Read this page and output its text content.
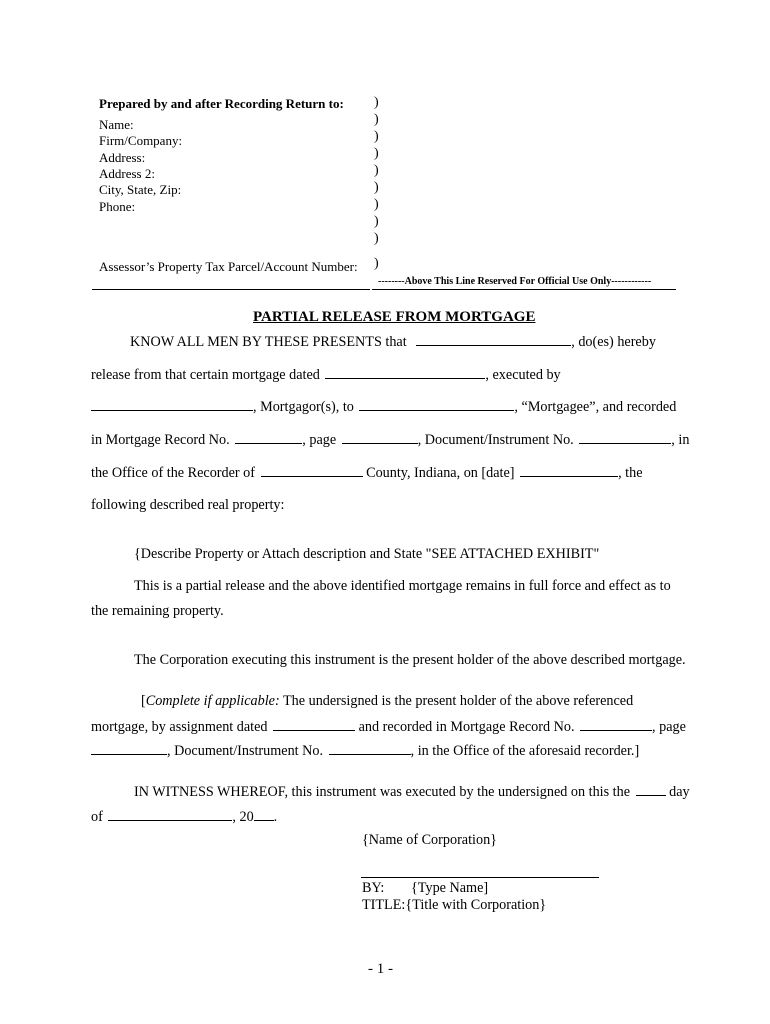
Prepared by and after Recording Return to:
Name:
Firm/Company:
Address:
Address 2:
City, State, Zip:
Phone:
Assessor’s Property Tax Parcel/Account Number:
)
)
)
)
)
)
)
)
)
)
--------Above This Line Reserved For Official Use Only------------
PARTIAL RELEASE FROM MORTGAGE
KNOW ALL MEN BY THESE PRESENTS that	, do(es) hereby
release from that certain mortgage dated	, executed by
, Mortgagor(s), to	, “Mortgagee”, and recorded
in Mortgage Record No.	, page	, Document/Instrument No.	, in
the Office of the Recorder of	County, Indiana, on [date]	, the
following described real property:
{Describe Property or Attach description and State "SEE ATTACHED EXHIBIT"
This is a partial release and the above identified mortgage remains in full force and effect as to
the remaining property.
The Corporation executing this instrument is the present holder of the above described mortgage.
[Complete if applicable: The undersigned is the present holder of the above referenced
mortgage, by assignment dated	and recorded in Mortgage Record No.	, page
, Document/Instrument No.	, in the Office of the aforesaid recorder.]
IN WITNESS WHEREOF, this instrument was executed by the undersigned on this the	day
of	, 20 .
{Name of Corporation}
BY: {Type Name]
TITLE:{Title with Corporation}
- 1 -
